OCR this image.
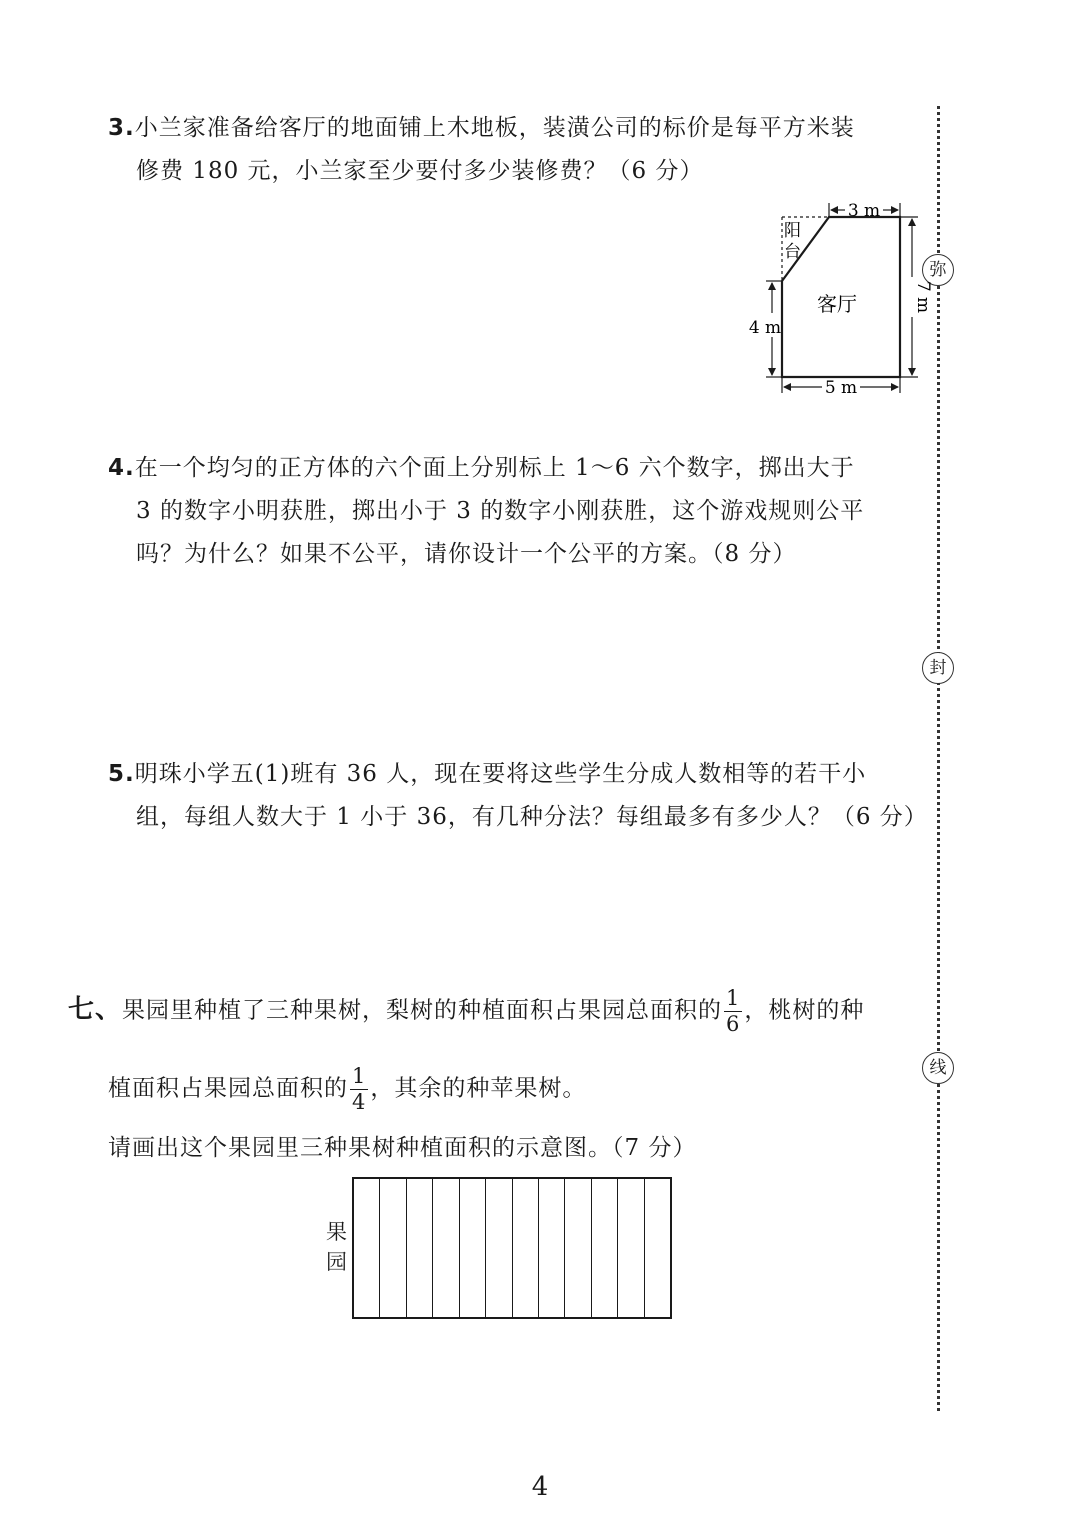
弥
封
线
3.小兰家准备给客厅的地面铺上木地板，装潢公司的标价是每平方米装
修费 180 元，小兰家至少要付多少装修费？（6 分）
阳
台
客厅
3 m
7 m
4 m
5 m
4.在一个均匀的正方体的六个面上分别标上 1～6 六个数字，掷出大于
3 的数字小明获胜，掷出小于 3 的数字小刚获胜，这个游戏规则公平
吗？为什么？如果不公平，请你设计一个公平的方案。（8 分）
5.明珠小学五(1)班有 36 人，现在要将这些学生分成人数相等的若干小
组，每组人数大于 1 小于 36，有几种分法？每组最多有多少人？（6 分）
七、果园里种植了三种果树，梨树的种植面积占果园总面积的 $\frac{1}{6}$ ，桃树的种
植面积占果园总面积的 $\frac{1}{4}$ ，其余的种苹果树。
请画出这个果园里三种果树种植面积的示意图。（7 分）
果
园
4
